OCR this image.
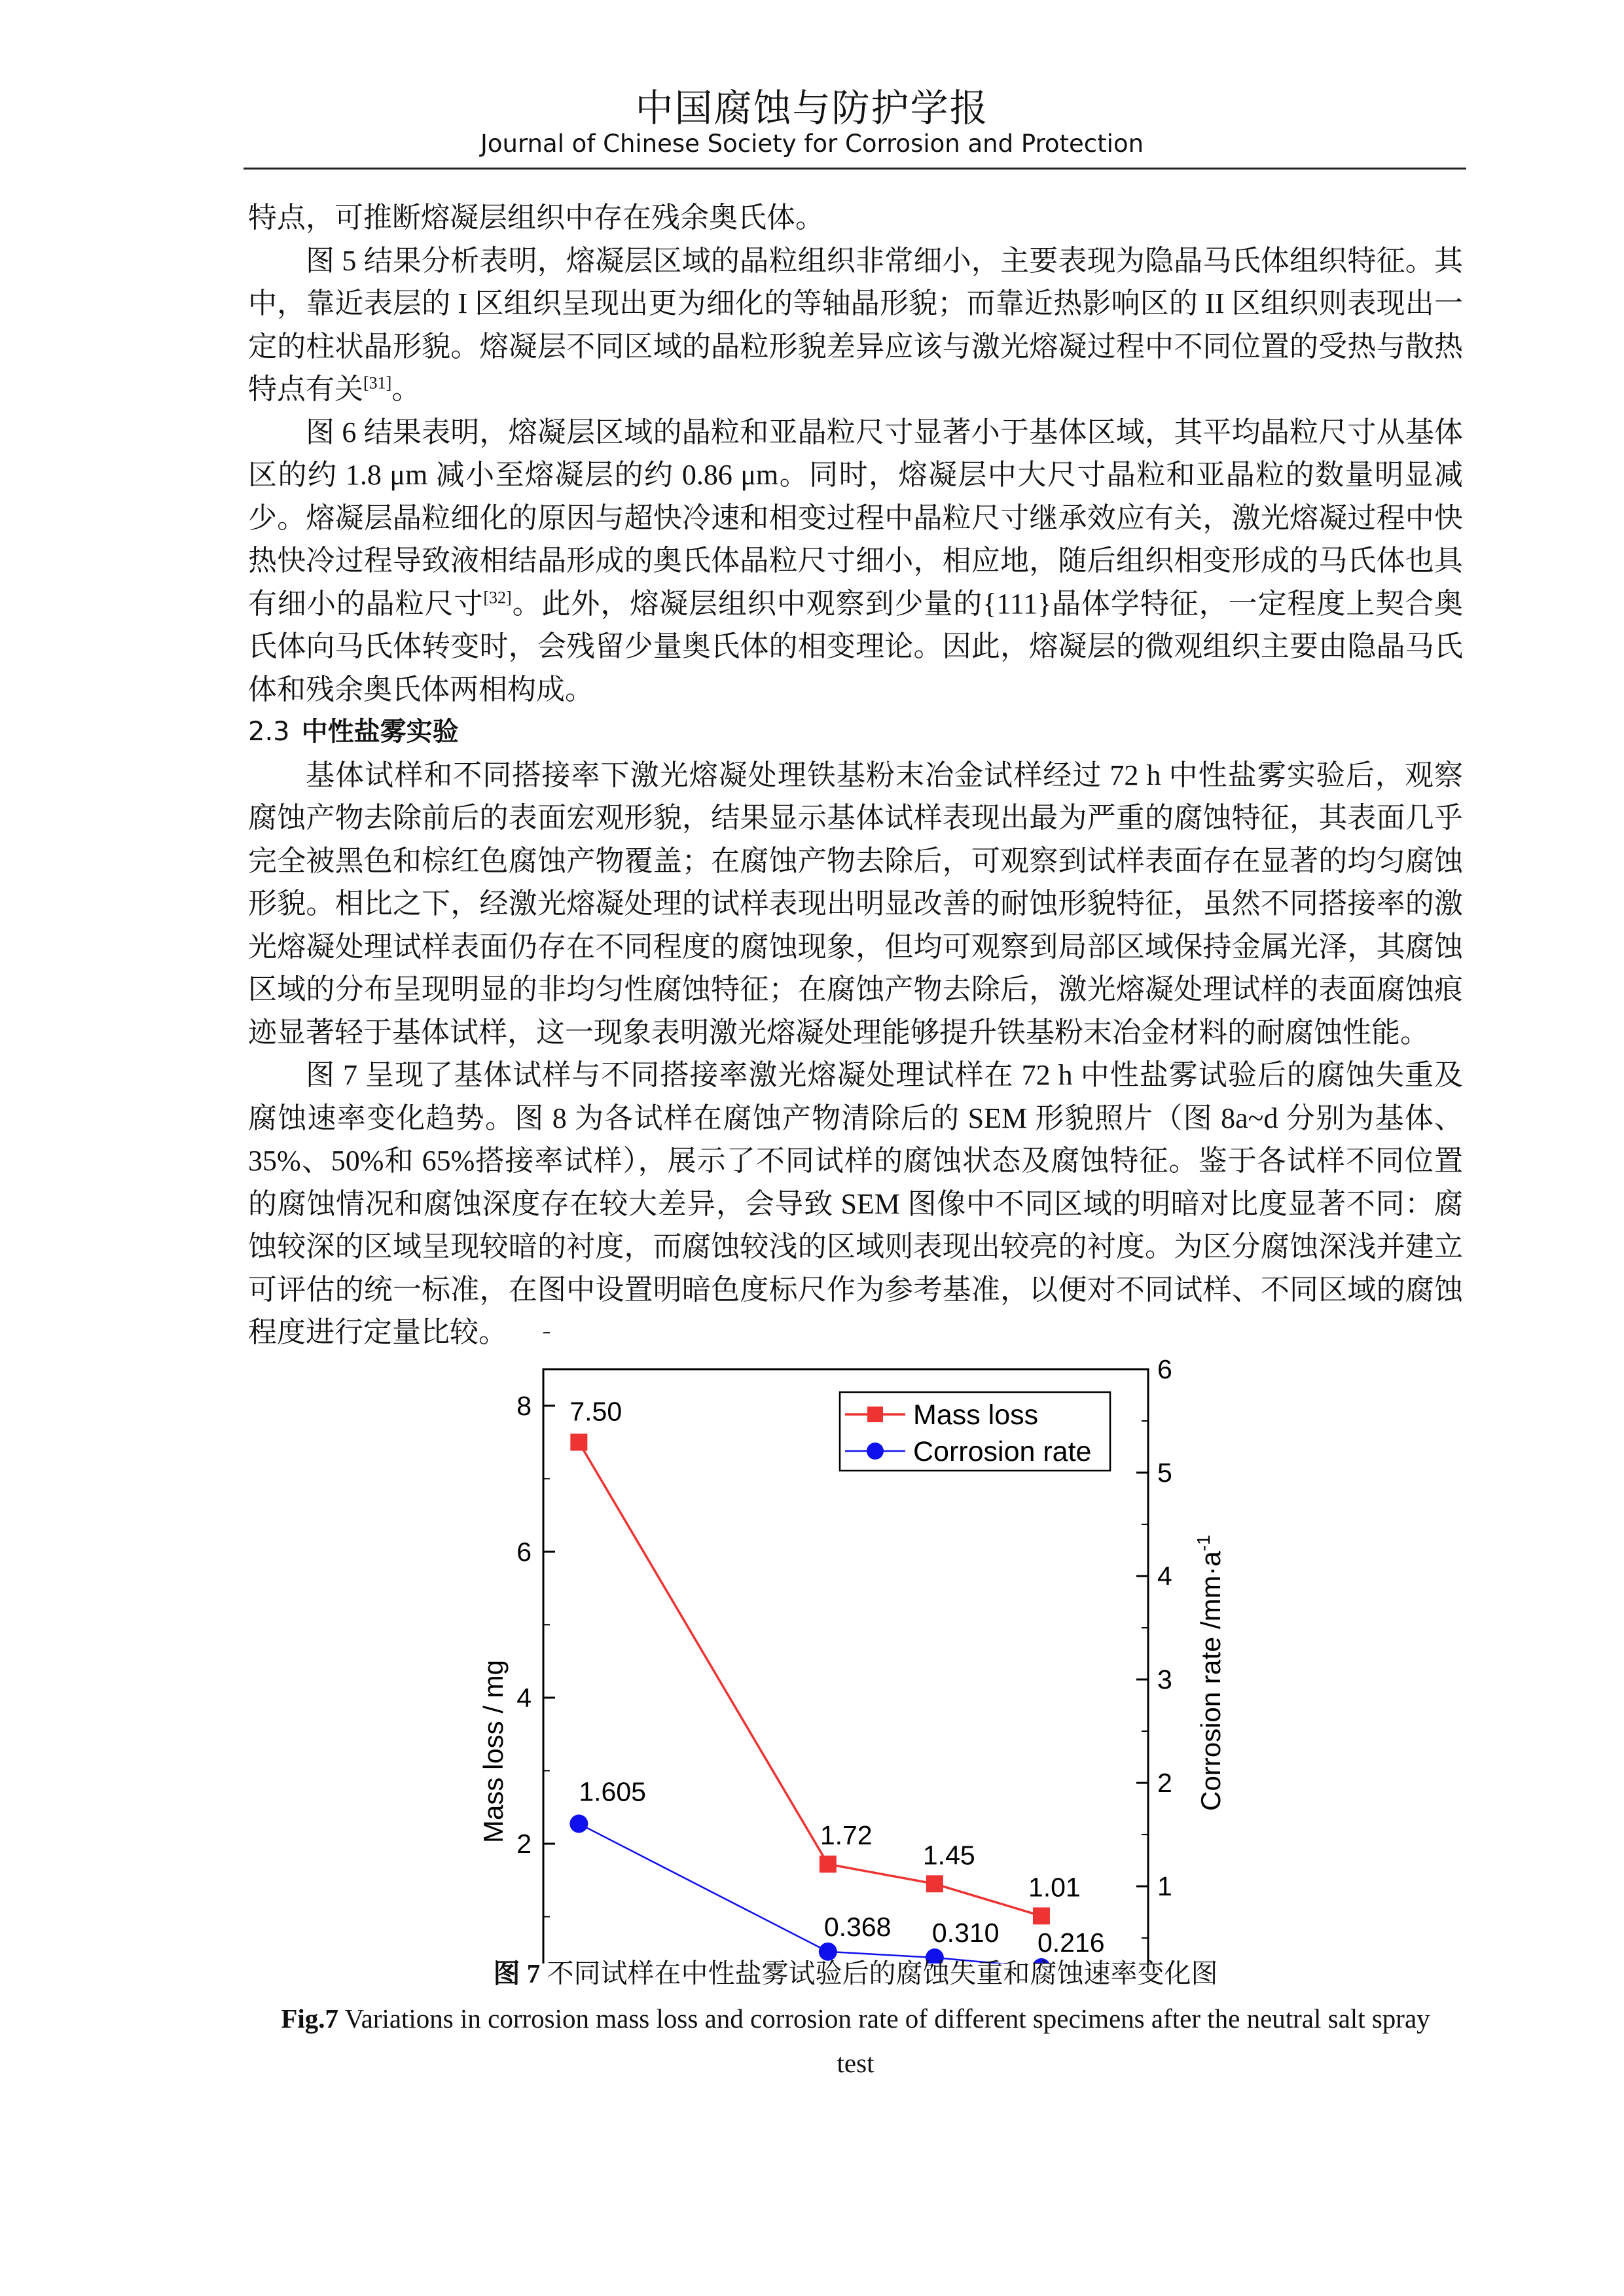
中国腐蚀与防护学报
Journal of Chinese Society for Corrosion and Protection

特点，可推断熔凝层组织中存在残余奥氏体。

图 5 结果分析表明，熔凝层区域的晶粒组织非常细小，主要表现为隐晶马氏体组织特征。其中，靠近表层的 I 区组织呈现出更为细化的等轴晶形貌；而靠近热影响区的 II 区组织则表现出一定的柱状晶形貌。熔凝层不同区域的晶粒形貌差异应该与激光熔凝过程中不同位置的受热与散热特点有关[31]。

图 6 结果表明，熔凝层区域的晶粒和亚晶粒尺寸显著小于基体区域，其平均晶粒尺寸从基体区的约 1.8 μm 减小至熔凝层的约 0.86 μm。同时，熔凝层中大尺寸晶粒和亚晶粒的数量明显减少。熔凝层晶粒细化的原因与超快冷速和相变过程中晶粒尺寸继承效应有关，激光熔凝过程中快热快冷过程导致液相结晶形成的奥氏体晶粒尺寸细小，相应地，随后组织相变形成的马氏体也具有细小的晶粒尺寸[32]。此外，熔凝层组织中观察到少量的{111}晶体学特征，一定程度上契合奥氏体向马氏体转变时，会残留少量奥氏体的相变理论。因此，熔凝层的微观组织主要由隐晶马氏体和残余奥氏体两相构成。

2.3 中性盐雾实验

基体试样和不同搭接率下激光熔凝处理铁基粉末冶金试样经过 72 h 中性盐雾实验后，观察腐蚀产物去除前后的表面宏观形貌，结果显示基体试样表现出最为严重的腐蚀特征，其表面几乎完全被黑色和棕红色腐蚀产物覆盖；在腐蚀产物去除后，可观察到试样表面存在显著的均匀腐蚀形貌。相比之下，经激光熔凝处理的试样表现出明显改善的耐蚀形貌特征，虽然不同搭接率的激光熔凝处理试样表面仍存在不同程度的腐蚀现象，但均可观察到局部区域保持金属光泽，其腐蚀区域的分布呈现明显的非均匀性腐蚀特征；在腐蚀产物去除后，激光熔凝处理试样的表面腐蚀痕迹显著轻于基体试样，这一现象表明激光熔凝处理能够提升铁基粉末冶金材料的耐腐蚀性能。

图 7 呈现了基体试样与不同搭接率激光熔凝处理试样在 72 h 中性盐雾试验后的腐蚀失重及腐蚀速率变化趋势。图 8 为各试样在腐蚀产物清除后的 SEM 形貌照片（图 8a~d 分别为基体、35%、50%和 65%搭接率试样），展示了不同试样的腐蚀状态及腐蚀特征。鉴于各试样不同位置的腐蚀情况和腐蚀深度存在较大差异，会导致 SEM 图像中不同区域的明暗对比度显著不同：腐蚀较深的区域呈现较暗的衬度，而腐蚀较浅的区域则表现出较亮的衬度。为区分腐蚀深浅并建立可评估的统一标准，在图中设置明暗色度标尺作为参考基准，以便对不同试样、不同区域的腐蚀程度进行定量比较。

2
4
6
8
1
2
3
4
5
6
Mass loss / mg	Corrosion rate $/mm\cdot a^{-1}$
7.50
1.72
1.45
1.01
1.605
0.368 0.310 0.216
Mass loss
Corrosion rate
图 7 不同试样在中性盐雾试验后的腐蚀失重和腐蚀速率变化图
Fig.7 Variations in corrosion mass loss and corrosion rate of different specimens after the neutral salt spray test
